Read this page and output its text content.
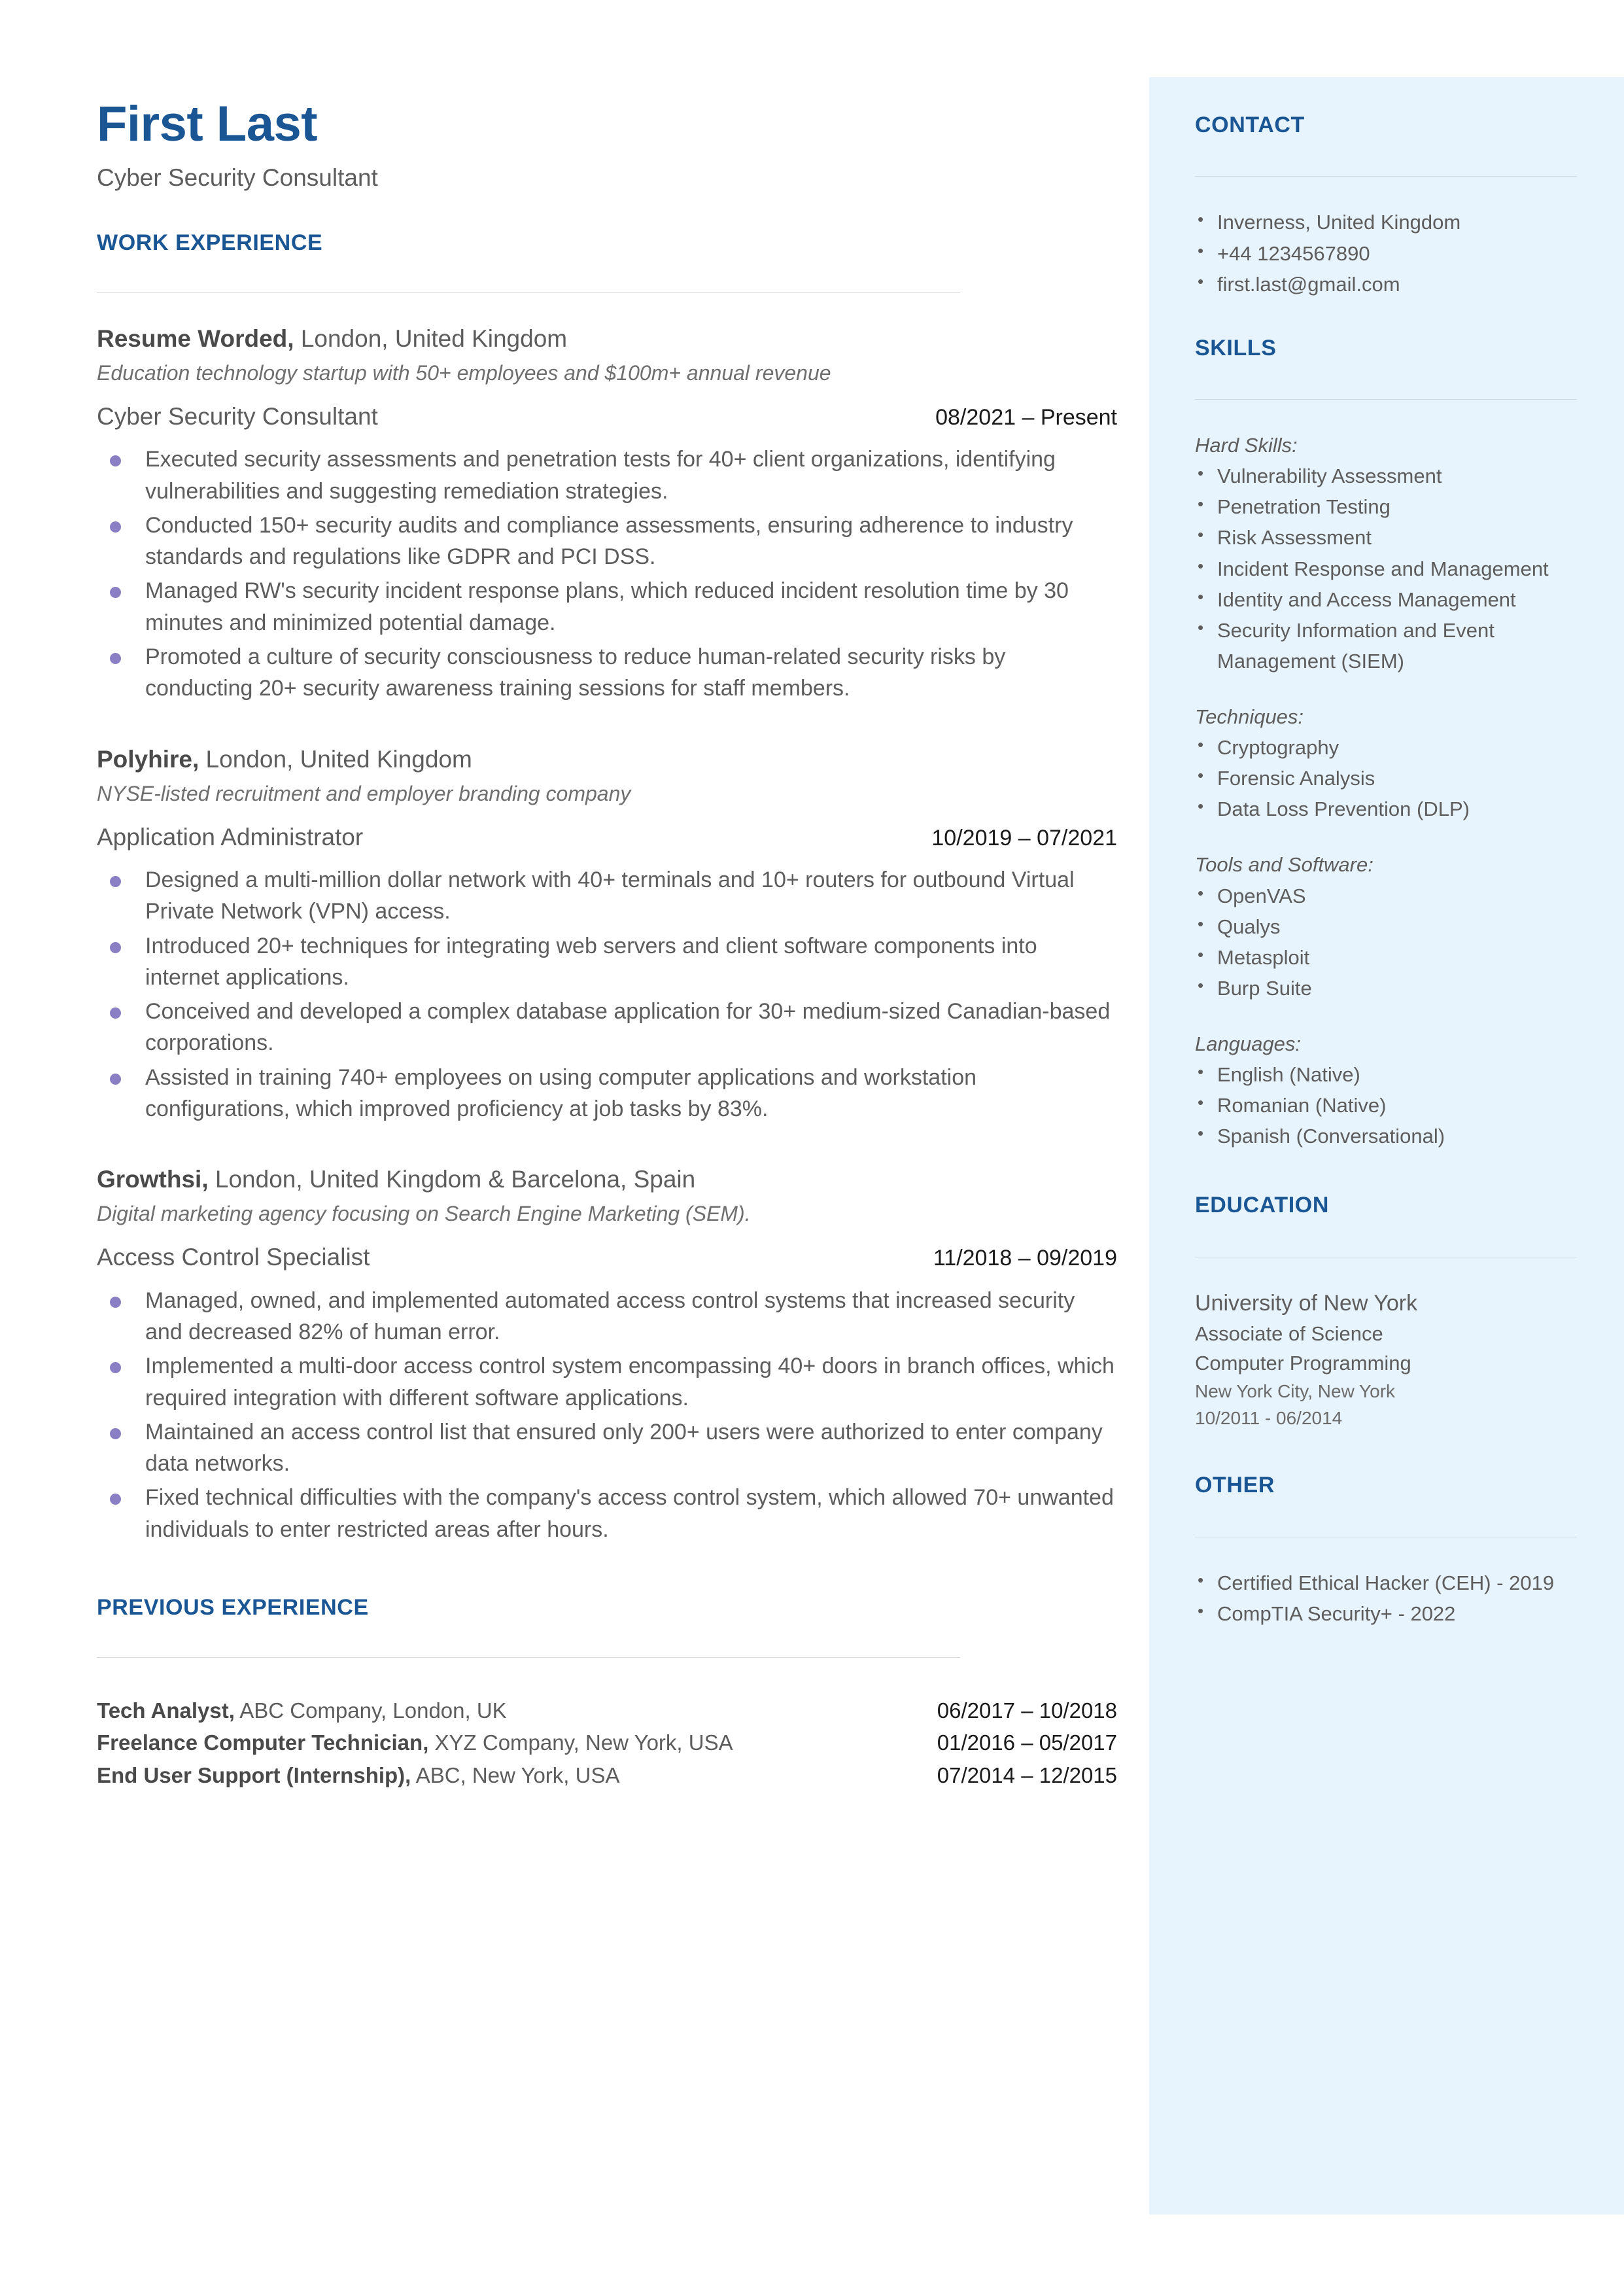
CONTACT
• Inverness, United Kingdom
• +44 1234567890
• first.last@gmail.com
SKILLS

Hard Skills:

• Vulnerability Assessment
• Penetration Testing
• Risk Assessment
• Incident Response and Management
• Identity and Access Management
• Security Information and Event Management (SIEM)

Techniques:

• Cryptography
• Forensic Analysis
• Data Loss Prevention (DLP)

Tools and Software:

• OpenVAS
• Qualys
• Metasploit
• Burp Suite

Languages:

• English (Native)
• Romanian (Native)
• Spanish (Conversational)
EDUCATION

University of New York

Associate of Science

Computer Programming

New York City, New York

10/2011 - 06/2014

OTHER
• Certified Ethical Hacker (CEH) - 2019
• CompTIA Security+ - 2022
First Last

Cyber Security Consultant

WORK EXPERIENCE

Resume Worded, London, United Kingdom

Education technology startup with 50+ employees and $100m+ annual revenue

Cyber Security Consultant	08/2021 – Present
Executed security assessments and penetration tests for 40+ client organizations, identifying vulnerabilities and suggesting remediation strategies.
Conducted 150+ security audits and compliance assessments, ensuring adherence to industry standards and regulations like GDPR and PCI DSS.
Managed RW's security incident response plans, which reduced incident resolution time by 30 minutes and minimized potential damage.
Promoted a culture of security consciousness to reduce human-related security risks by conducting 20+ security awareness training sessions for staff members.

Polyhire, London, United Kingdom

NYSE-listed recruitment and employer branding company

Application Administrator	10/2019 – 07/2021
Designed a multi-million dollar network with 40+ terminals and 10+ routers for outbound Virtual Private Network (VPN) access.
Introduced 20+ techniques for integrating web servers and client software components into internet applications.
Conceived and developed a complex database application for 30+ medium-sized Canadian-based corporations.
Assisted in training 740+ employees on using computer applications and workstation configurations, which improved proficiency at job tasks by 83%.

Growthsi, London, United Kingdom & Barcelona, Spain

Digital marketing agency focusing on Search Engine Marketing (SEM).

Access Control Specialist	11/2018 – 09/2019
Managed, owned, and implemented automated access control systems that increased security and decreased 82% of human error.
Implemented a multi-door access control system encompassing 40+ doors in branch offices, which required integration with different software applications.
Maintained an access control list that ensured only 200+ users were authorized to enter company data networks.
Fixed technical difficulties with the company's access control system, which allowed 70+ unwanted individuals to enter restricted areas after hours.
PREVIOUS EXPERIENCE
Tech Analyst, ABC Company, London, UK	06/2017 – 10/2018
Freelance Computer Technician, XYZ Company, New York, USA	01/2016 – 05/2017
End User Support (Internship), ABC, New York, USA	07/2014 – 12/2015
